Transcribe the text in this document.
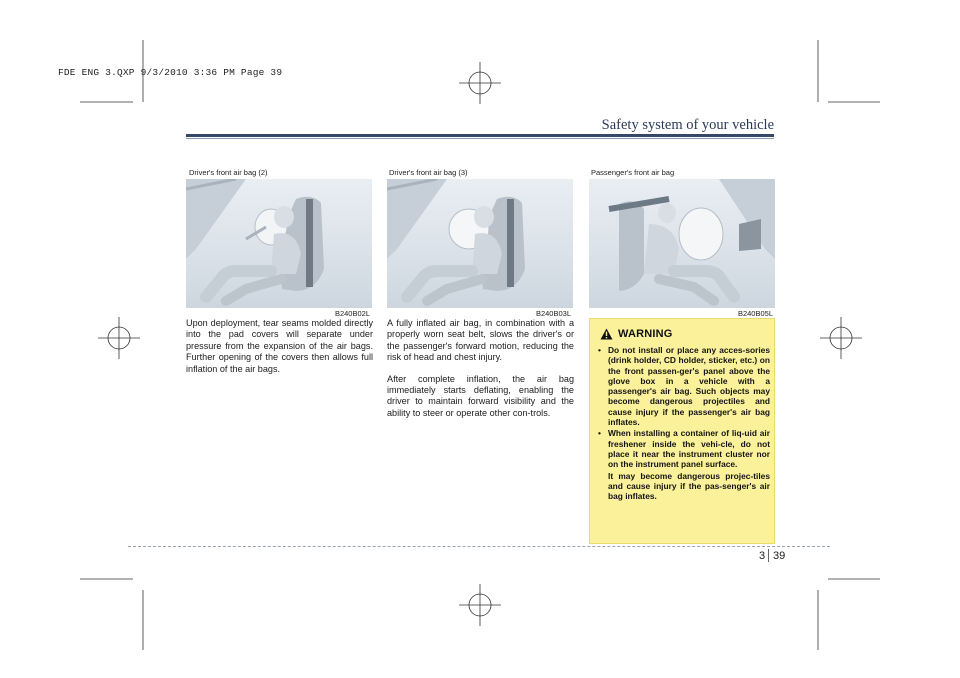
FDE ENG 3.QXP 9/3/2010 3:36 PM Page 39
Safety system of your vehicle
Driver's front air bag (2)
B240B02L
Driver's front air bag (3)
B240B03L
Passenger's front air bag
B240B05L

Upon deployment, tear seams molded directly into the pad covers will separate under pressure from the expansion of the air bags. Further opening of the covers then allows full inflation of the air bags.

A fully inflated air bag, in combination with a properly worn seat belt, slows the driver's or the passenger's forward motion, reducing the risk of head and chest injury.

After complete inflation, the air bag immediately starts deflating, enabling the driver to maintain forward visibility and the ability to steer or operate other con-trols.

WARNING
• Do not install or place any acces-sories (drink holder, CD holder, sticker, etc.) on the front passen-ger's panel above the glove box in a vehicle with a passenger's air bag. Such objects may become dangerous projectiles and cause injury if the passenger's air bag inflates.
• When installing a container of liq-uid air freshener inside the vehi-cle, do not place it near the instrument cluster nor on the instrument panel surface.
It may become dangerous projec-tiles and cause injury if the pas-senger's air bag inflates.
3 39
